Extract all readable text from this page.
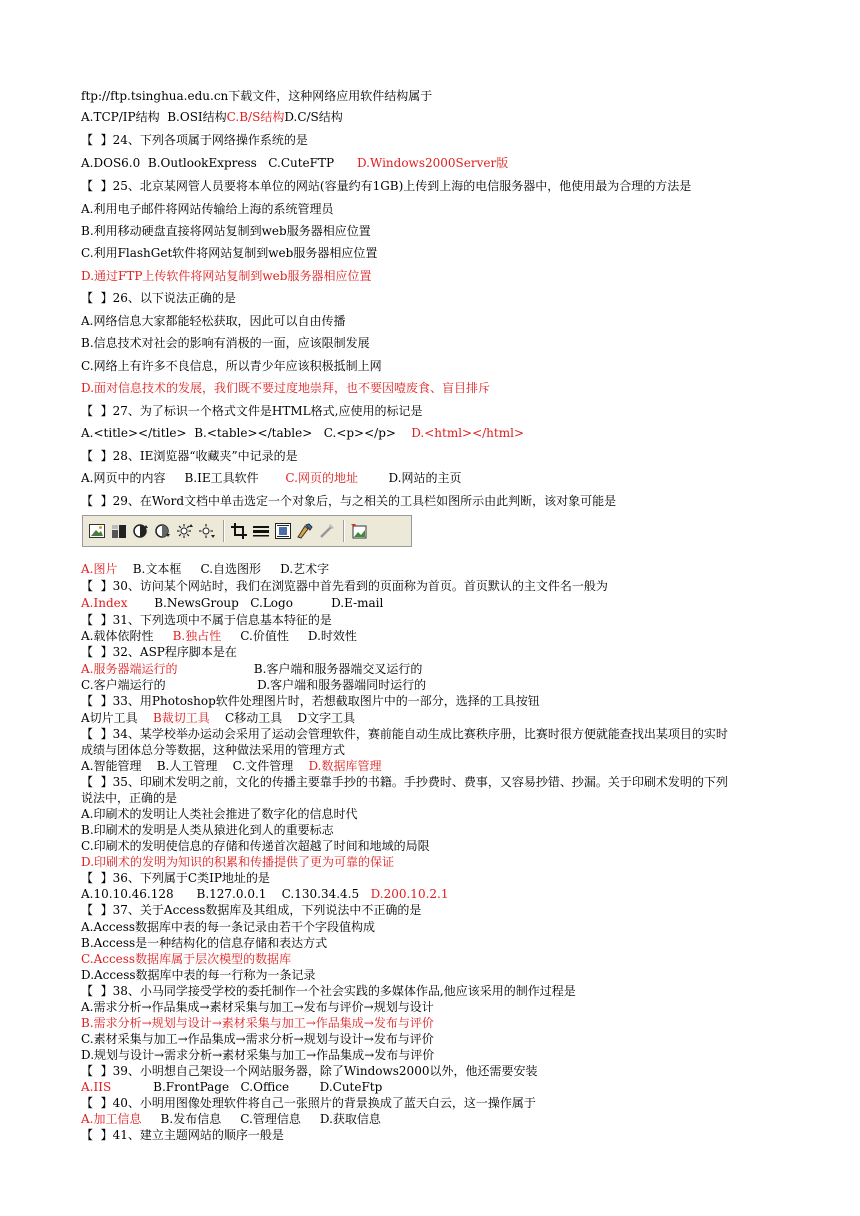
ftp://ftp.tsinghua.edu.cn下载文件，这种网络应用软件结构属于
A.TCP/IP结构  B.OSI结构C.B/S结构D.C/S结构
【  】24、下列各项属于网络操作系统的是
A.DOS6.0  B.OutlookExpress   C.CuteFTP      D.Windows2000Server版
【  】25、北京某网管人员要将本单位的网站(容量约有1GB)上传到上海的电信服务器中，他使用最为合理的方法是
A.利用电子邮件将网站传输给上海的系统管理员
B.利用移动硬盘直接将网站复制到web服务器相应位置
C.利用FlashGet软件将网站复制到web服务器相应位置
D.通过FTP上传软件将网站复制到web服务器相应位置
【  】26、以下说法正确的是
A.网络信息大家都能轻松获取，因此可以自由传播
B.信息技术对社会的影响有消极的一面，应该限制发展
C.网络上有许多不良信息，所以青少年应该积极抵制上网
D.面对信息技术的发展，我们既不要过度地崇拜，也不要因噎废食、盲目排斥
【  】27、为了标识一个格式文件是HTML格式,应使用的标记是
A.<title></title>  B.<table></table>   C.<p></p>    D.<html></html>
【  】28、IE浏览器“收藏夹”中记录的是
A.网页中的内容     B.IE工具软件       C.网页的地址        D.网站的主页
【  】29、在Word文档中单击选定一个对象后，与之相关的工具栏如图所示由此判断，该对象可能是
A.图片    B.文本框     C.自选图形     D.艺术字
【  】30、访问某个网站时，我们在浏览器中首先看到的页面称为首页。首页默认的主文件名一般为
A.Index       B.NewsGroup   C.Logo          D.E-mail
【  】31、下列选项中不属于信息基本特征的是
A.载体依附性     B.独占性     C.价值性     D.时效性
【  】32、ASP程序脚本是在
A.服务器端运行的                    B.客户端和服务器端交叉运行的
C.客户端运行的                        D.客户端和服务器端同时运行的
【  】33、用Photoshop软件处理图片时，若想截取图片中的一部分，选择的工具按钮
A切片工具    B裁切工具    C移动工具    D文字工具
【  】34、某学校举办运动会采用了运动会管理软件，赛前能自动生成比赛秩序册，比赛时很方便就能查找出某项目的实时
成绩与团体总分等数据，这种做法采用的管理方式
A.智能管理    B.人工管理    C.文件管理    D.数据库管理
【  】35、印刷术发明之前，文化的传播主要靠手抄的书籍。手抄费时、费事，又容易抄错、抄漏。关于印刷术发明的下列
说法中，正确的是
A.印刷术的发明让人类社会推进了数字化的信息时代
B.印刷术的发明是人类从猿进化到人的重要标志
C.印刷术的发明使信息的存储和传递首次超越了时间和地域的局限
D.印刷术的发明为知识的积累和传播提供了更为可靠的保证
【  】36、下列属于C类IP地址的是
A.10.10.46.128      B.127.0.0.1    C.130.34.4.5   D.200.10.2.1
【  】37、关于Access数据库及其组成，下列说法中不正确的是
A.Access数据库中表的每一条记录由若干个字段值构成
B.Access是一种结构化的信息存储和表达方式
C.Access数据库属于层次模型的数据库
D.Access数据库中表的每一行称为一条记录
【  】38、小马同学接受学校的委托制作一个社会实践的多媒体作品,他应该采用的制作过程是
A.需求分析→作品集成→素材采集与加工→发布与评价→规划与设计
B.需求分析→规划与设计→素材采集与加工→作品集成→发布与评价
C.素材采集与加工→作品集成→需求分析→规划与设计→发布与评价
D.规划与设计→需求分析→素材采集与加工→作品集成→发布与评价
【  】39、小明想自己架设一个网站服务器，除了Windows2000以外，他还需要安装
A.IIS           B.FrontPage   C.Office        D.CuteFtp
【  】40、小明用图像处理软件将自己一张照片的背景换成了蓝天白云，这一操作属于
A.加工信息     B.发布信息     C.管理信息     D.获取信息
【  】41、建立主题网站的顺序一般是
